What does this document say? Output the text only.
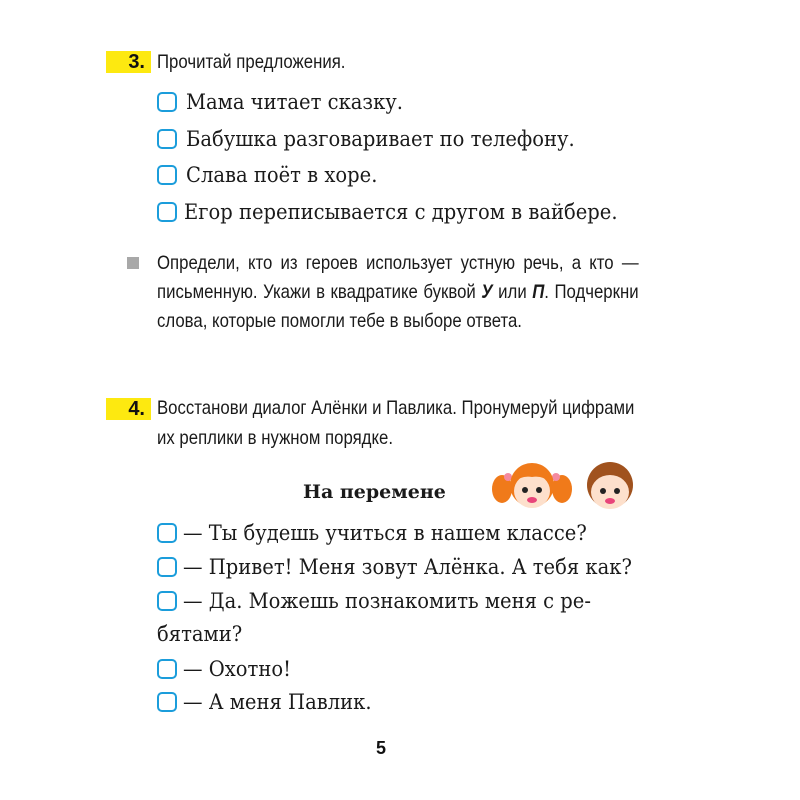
3. Прочитай предложения.
Мама читает сказку.
Бабушка разговаривает по телефону.
Слава поёт в хоре.
Егор переписывается с другом в вайбере.
Определи, кто из героев использует устную речь, а кто — письменную. Укажи в квадратике буквой У или П. Подчеркни слова, которые помогли тебе в выборе ответа.
4. Восстанови диалог Алёнки и Павлика. Пронумеруй цифрами их реплики в нужном порядке.
На перемене
— Ты будешь учиться в нашем классе?
— Привет! Меня зовут Алёнка. А тебя как?
— Да. Можешь познакомить меня с ре-
бятами?
— Охотно!
— А меня Павлик.
5
